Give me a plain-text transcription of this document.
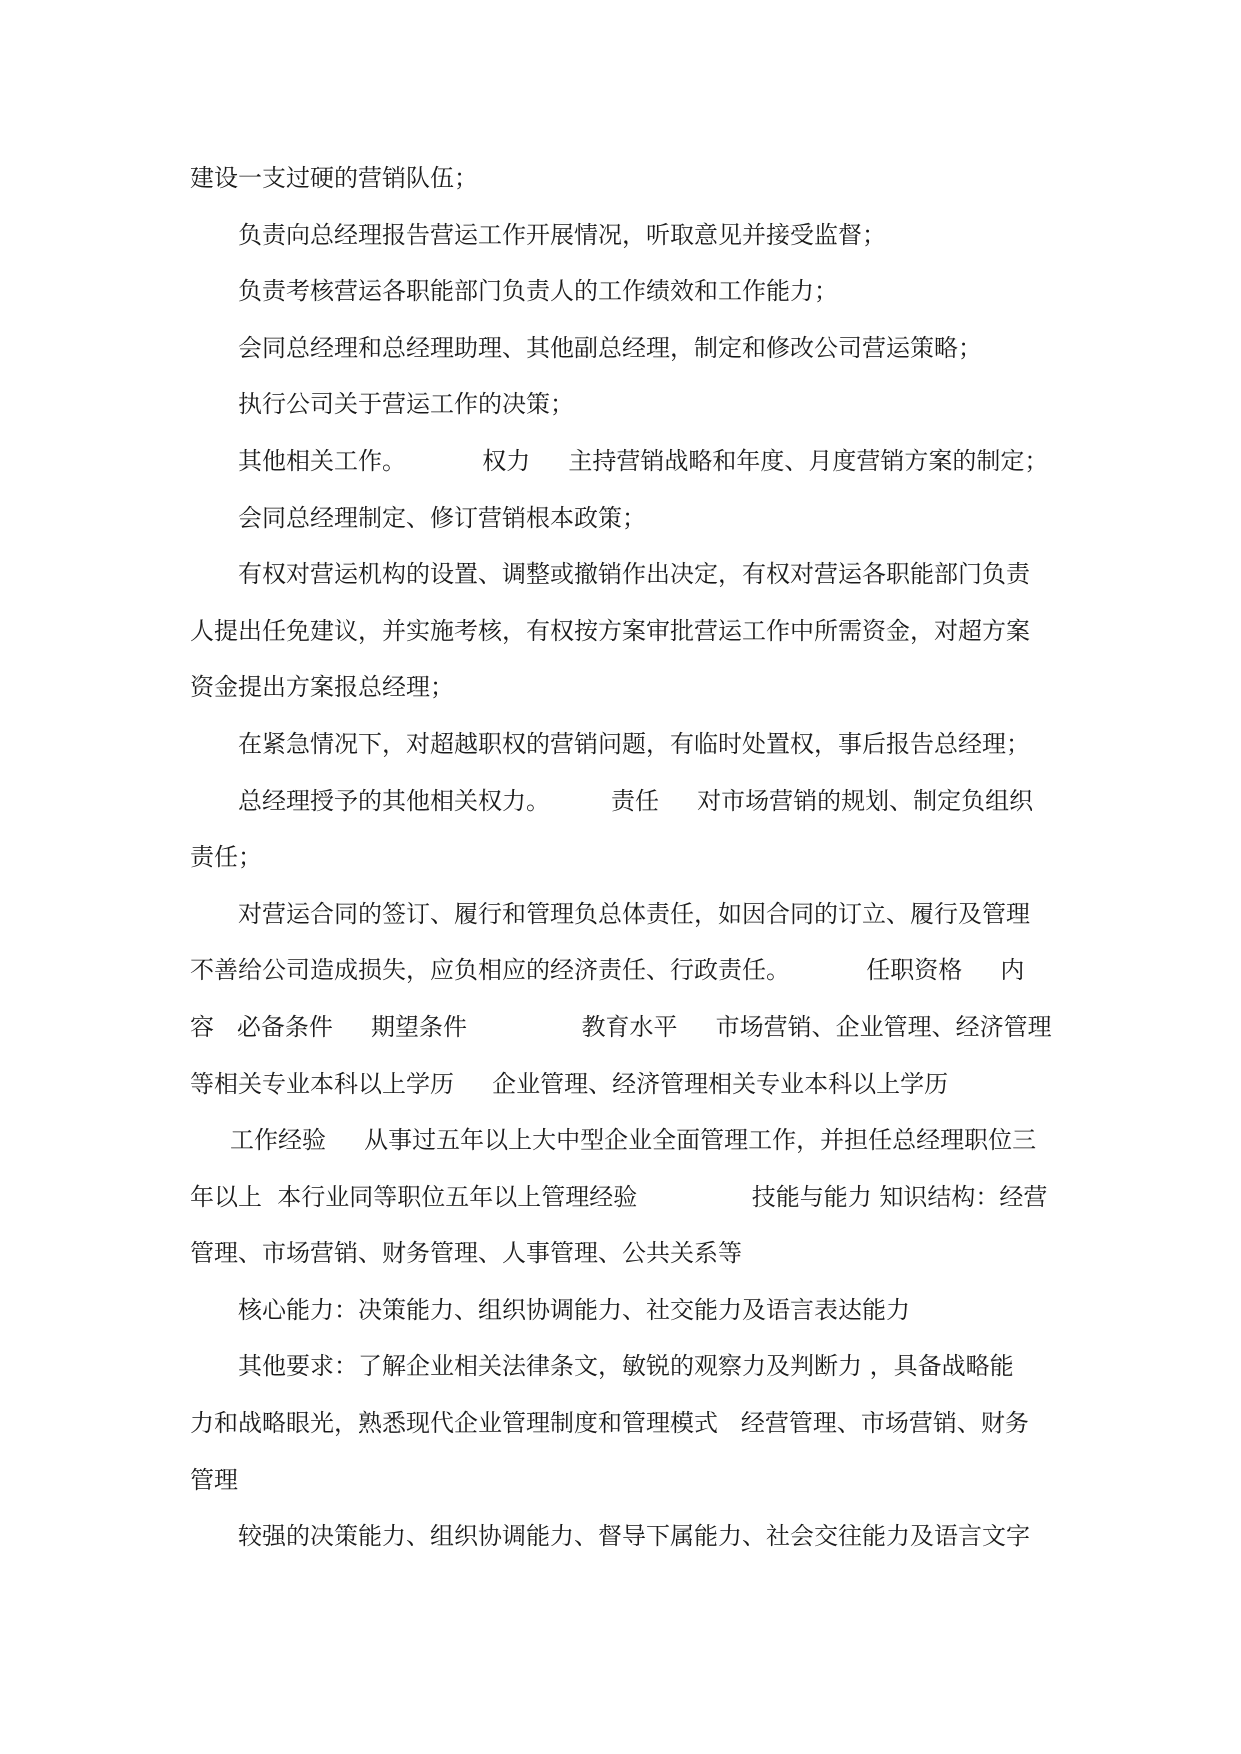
建设一支过硬的营销队伍；
负责向总经理报告营运工作开展情况，听取意见并接受监督；
负责考核营运各职能部门负责人的工作绩效和工作能力；
会同总经理和总经理助理、其他副总经理，制定和修改公司营运策略；
执行公司关于营运工作的决策；
其他相关工作。          权力     主持营销战略和年度、月度营销方案的制定；
会同总经理制定、修订营销根本政策；
有权对营运机构的设置、调整或撤销作出决定，有权对营运各职能部门负责
人提出任免建议，并实施考核，有权按方案审批营运工作中所需资金，对超方案
资金提出方案报总经理；
在紧急情况下，对超越职权的营销问题，有临时处置权，事后报告总经理；
总经理授予的其他相关权力。        责任     对市场营销的规划、制定负组织
责任；
对营运合同的签订、履行和管理负总体责任，如因合同的订立、履行及管理
不善给公司造成损失，应负相应的经济责任、行政责任。          任职资格     内
容   必备条件     期望条件               教育水平     市场营销、企业管理、经济管理
等相关专业本科以上学历     企业管理、经济管理相关专业本科以上学历
工作经验     从事过五年以上大中型企业全面管理工作，并担任总经理职位三
年以上  本行业同等职位五年以上管理经验               技能与能力 知识结构：经营
管理、市场营销、财务管理、人事管理、公共关系等
核心能力：决策能力、组织协调能力、社交能力及语言表达能力
其他要求：了解企业相关法律条文，敏锐的观察力及判断力 ，具备战略能
力和战略眼光，熟悉现代企业管理制度和管理模式   经营管理、市场营销、财务
管理
较强的决策能力、组织协调能力、督导下属能力、社会交往能力及语言文字
